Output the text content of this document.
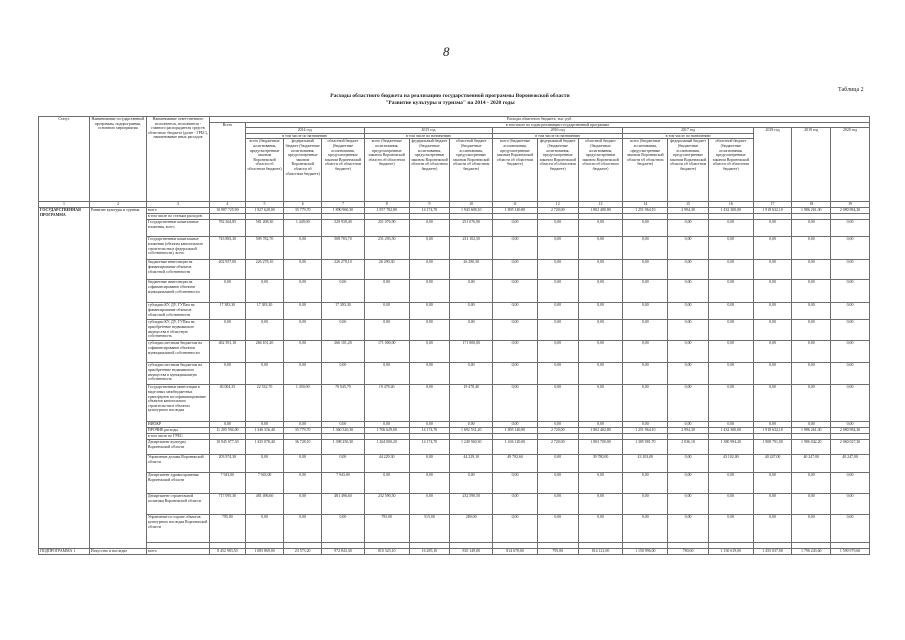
8
Таблица 2
Расходы областного бюджета на реализацию государственной программы Воронежской области
"Развитие культуры и туризма" на 2014 - 2020 годы
Статус	Наименование государственной программы, подпрограммы, основного мероприятия	Наименование ответственного исполнителя, исполнителя - главного распорядителя средств областного бюджета (далее - ГРБС), наименование иных расходов	Расходы областного бюджета, тыс. руб.															
			Всего	в том числе по годам реализации государственной программы														
				2014 год			2015 год			2016 год			2017 год			2018 год	2019 год	2020 год
				в том числе по назначению			в том числе по назначению			в том числе по назначению			в том числе по назначению					
				всего (бюджетные ассигнования, предусмотренные законом Воронежской области об областном бюджете)	федеральный бюджет (бюджетные ассигнования, предусмотренные законом Воронежской области об областном бюджете)	областной бюджет (бюджетные ассигнования, предусмотренные законом Воронежской области об областном бюджете)	всего (бюджетные ассигнования, предусмотренные законом Воронежской области об областном бюджете)	федеральный бюджет (бюджетные ассигнования, предусмотренные законом Воронежской области об областном бюджете)	областной бюджет (бюджетные ассигнования, предусмотренные законом Воронежской области об областном бюджете)	всего (бюджетные ассигнования, предусмотренные законом Воронежской области об областном бюджете)	федеральный бюджет (бюджетные ассигнования, предусмотренные законом Воронежской области об областном бюджете)	областной бюджет (бюджетные ассигнования, предусмотренные законом Воронежской области об областном бюджете)	всего (бюджетные ассигнования, предусмотренные законом Воронежской области об областном бюджете)	федеральный бюджет (бюджетные ассигнования, предусмотренные законом Воронежской области об областном бюджете)	областной бюджет (бюджетные ассигнования, предусмотренные законом Воронежской области об областном бюджете)			
1	2	3	4	5	6	7	8	9	10	11	12	13	14	15	16	17	18	19
ГОСУДАРСТВЕННАЯ ПРОГРАММА	Развитие культуры и туризма	всего	10 987 725,90	1 927 628,00	35 779,70	1 890 960,30	1 957 782,80	14 174,70	1 943 608,10	1 805 140,80	2 720,00	1 802 400,80	1 251 964,10	2 994,30	1 432 300,00	1 918 632,10	1 986 261,30	2 080 984,30
		в том числе по статьям расходов:																
		Государственные капитальные вложения, всего	782 264,85	581 208,30	1 449,00	529 939,40	251 076,90	0,00	251 076,90	0,00	0,00	0,00	0,00	0,00	0,00	0,00	0,00	0,00
		Государственные капитальные вложения (объекты капитального строительства в федеральной собственности), всего	743 883,30	509 782,70	0,00	508 783,70	231 293,50	0,00	231 102,50	0,00	0,00	0,00	0,00	0,00	0,00	0,00	0,00	0,00
		бюджетные инвестиции на финансирование объектов областной собственности	202 957,00	226 278,10	0,00	226 278,10	26 290,30	0,00	26 290,30	0,00	0,00	0,00	0,00	0,00	0,00	0,00	0,00	0,00
		бюджетные инвестиции на софинансирование объектов муниципальной собственности	0,00	0,00	0,00	0,00	0,00	0,00	0,00	0,00	0,00	0,00	0,00	0,00	0,00	0,00	0,00	0,00
		субсидии КУ, ДУ, ГУПам на финансирование объектов областной собственности	17 383,30	17 383,30	0,00	17 383,30	0,00	0,00	0,00	0,00	0,00	0,00	0,00	0,00	0,00	0,00	0,00	0,00
		субсидии КУ, ДУ, ГУПам на приобретение недвижимого имущества в областную собственность	0,00	0,00	0,00	0,00	0,00	0,00	0,00	0,00	0,00	0,00	0,00	0,00	0,00	0,00	0,00	0,00
		субсидии местным бюджетам на софинансирование объектов муниципальной собственности	462 391,10	266 101,20	0,00	266 101,20	171 000,00	0,00	171 000,00	0,00	0,00	0,00	0,00	0,00	0,00	0,00	0,00	0,00
		субсидии местным бюджетам на приобретение недвижимого имущества в муниципальную собственность	0,00	0,00	0,00	0,00	0,00	0,00	0,00	0,00	0,00	0,00	0,00	0,00	0,00	0,00	0,00	0,00
		Государственные инвестиции в виде иных межбюджетных трансфертов на софинансирование объектов капитального строительства в объектах культурного наследия	40 004,35	22 532,70	1 450,00	70 045,70	19 478,40	0,00	19 478,40	0,00	0,00	0,00	0,00	0,00	0,00	0,00	0,00	0,00
		НИОКР	0,00	0,00	0,00	0,00	0,00	0,00	0,00	0,00	0,00	0,00	0,00	0,00	0,00	0,00	0,00	0,00
		ПРОЧИЕ расходы	11 205 594,00	1 346 316,40	35 779,70	1 360 520,30	1 706 629,00	14 174,70	1 692 531,20	1 805 140,80	2 720,00	1 802 402,80	1 251 964,10	2 994,30	1 432 300,00	1 918 632,10	1 986 261,30	2 080 984,30
		в том числе по ГРБС:																
		Департамент культуры Воронежской области	10 945 077,30	1 435 078,40	36 728,10	1 398 250,30	1 264 000,20	14 174,70	1 249 940,30	1 436 120,00	2 720,00	1 803 700,00	1 385 981,70	2 036,10	1 380 994,20	1 908 791,00	1 986 042,20	2 060 027,30
		Управление делами Воронежской области	203 974,30	0,00	0,00	0,00	44 229,30	0,00	44 229,10	49 792,60	0,00	39 780,00	43 103,00	0,00	43 102,00	40 247,00	40 247,00	40 247,00
		Департамент здравоохранения Воронежской области	7 943,00	7 943,00	0,00	7 943,00	0,00	0,00	0,00	0,00	0,00	0,00	0,00	0,00	0,00	0,00	0,00	0,00
		Департамент строительной политики Воронежской области	717 095,30	481 496,60	0,00	481 496,60	232 590,50	0,00	232 590,50	0,00	0,00	0,00	0,00	0,00	0,00	0,00	0,00	0,00
		Управление по охране объектов культурного наследия Воронежской области	795,00	0,00	0,00	0,00	795,00	515,00	280,00	0,00	0,00	0,00	0,00	0,00	0,00	0,00	0,00	0,00

ПОДПРОГРАММА 1	Искусство и наследие	всего	8 452 983,50	1 085 869,00	23 573,20	972 843,30	810 323,10	16 285,10	810 149,00	814 678,00	795,00	814 121,00	1 150 996,00	780,00	1 150 619,00	1 455 037,00	1 796 243,60	1 590 979,60
